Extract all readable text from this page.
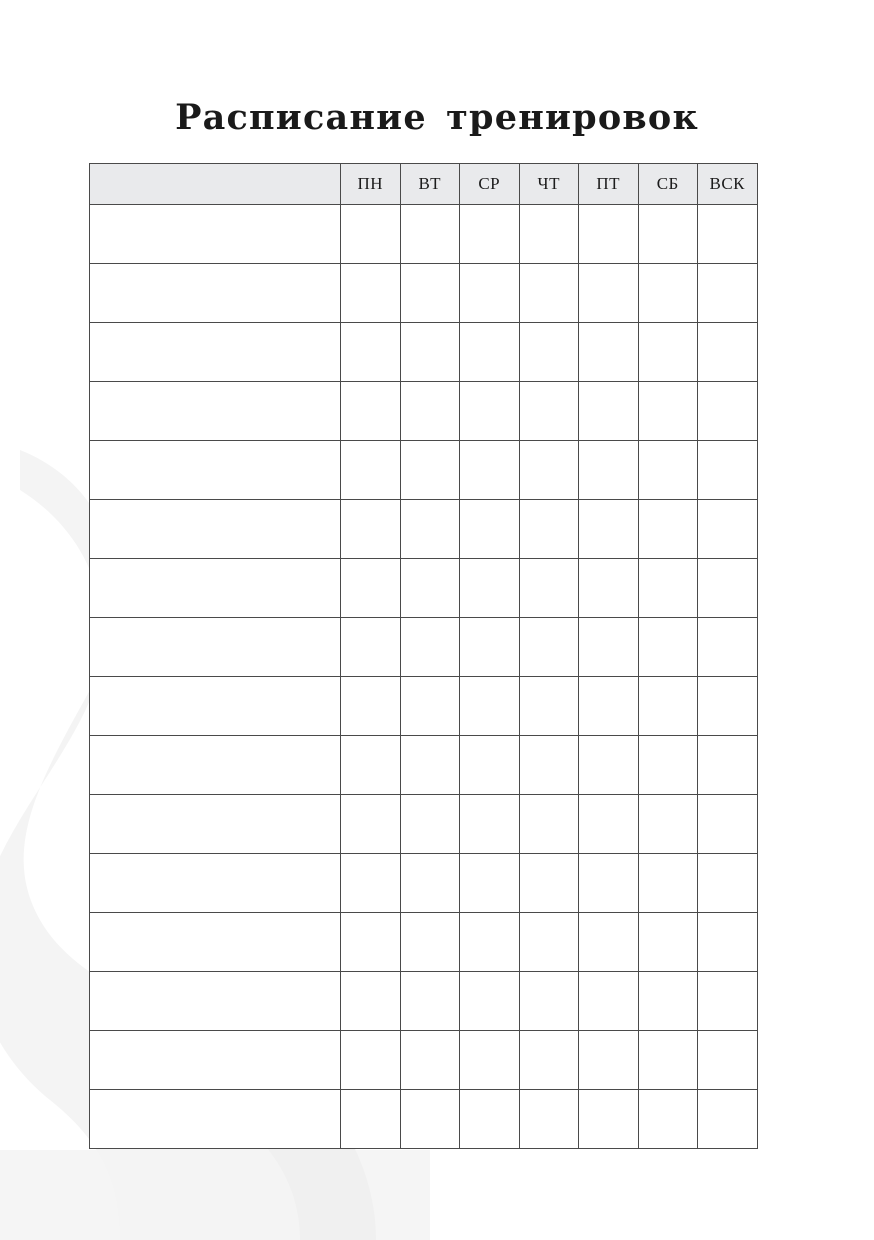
Расписание тренировок
	ПН	ВТ	СР	ЧТ	ПТ	СБ	ВСК
